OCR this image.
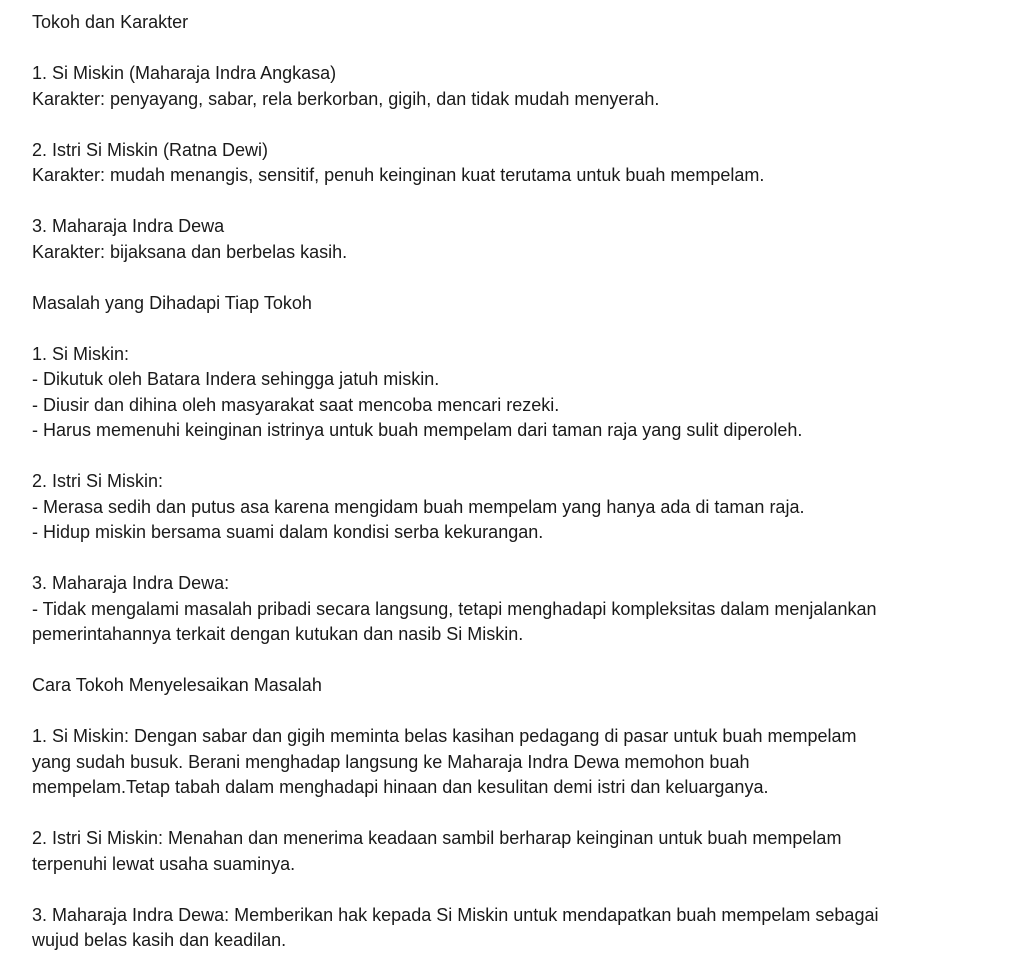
Tokoh dan Karakter

1. Si Miskin (Maharaja Indra Angkasa)

Karakter: penyayang, sabar, rela berkorban, gigih, dan tidak mudah menyerah.

2. Istri Si Miskin (Ratna Dewi)

Karakter: mudah menangis, sensitif, penuh keinginan kuat terutama untuk buah mempelam.

3. Maharaja Indra Dewa

Karakter: bijaksana dan berbelas kasih.

Masalah yang Dihadapi Tiap Tokoh

1. Si Miskin:

- Dikutuk oleh Batara Indera sehingga jatuh miskin.

- Diusir dan dihina oleh masyarakat saat mencoba mencari rezeki.

- Harus memenuhi keinginan istrinya untuk buah mempelam dari taman raja yang sulit diperoleh.

2. Istri Si Miskin:

- Merasa sedih dan putus asa karena mengidam buah mempelam yang hanya ada di taman raja.

- Hidup miskin bersama suami dalam kondisi serba kekurangan.

3. Maharaja Indra Dewa:

- Tidak mengalami masalah pribadi secara langsung, tetapi menghadapi kompleksitas dalam menjalankan

pemerintahannya terkait dengan kutukan dan nasib Si Miskin.

Cara Tokoh Menyelesaikan Masalah

1. Si Miskin: Dengan sabar dan gigih meminta belas kasihan pedagang di pasar untuk buah mempelam

yang sudah busuk. Berani menghadap langsung ke Maharaja Indra Dewa memohon buah

mempelam.Tetap tabah dalam menghadapi hinaan dan kesulitan demi istri dan keluarganya.

2. Istri Si Miskin: Menahan dan menerima keadaan sambil berharap keinginan untuk buah mempelam

terpenuhi lewat usaha suaminya.

3. Maharaja Indra Dewa: Memberikan hak kepada Si Miskin untuk mendapatkan buah mempelam sebagai

wujud belas kasih dan keadilan.
